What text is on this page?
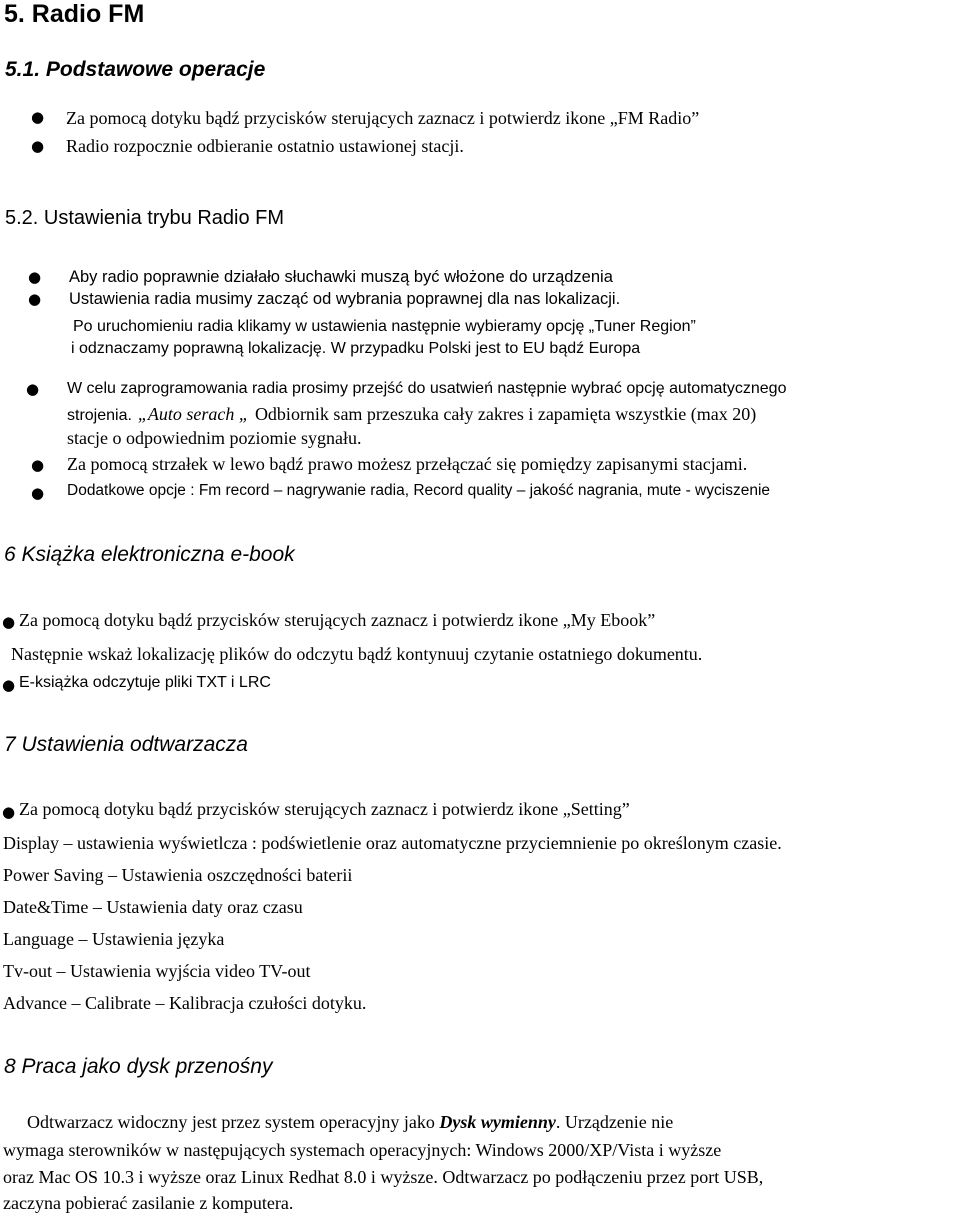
5. Radio FM
5.1. Podstawowe operacje
● Za pomocą dotyku bądź przycisków sterujących zaznacz i potwierdz ikone „FM Radio”
● Radio rozpocznie odbieranie ostatnio ustawionej stacji.
5.2. Ustawienia trybu Radio FM
● Aby radio poprawnie działało słuchawki muszą być włożone do urządzenia
● Ustawienia radia musimy zacząć od wybrania poprawnej dla nas lokalizacji.
Po uruchomieniu radia klikamy w ustawienia następnie wybieramy opcję „Tuner Region”
i odznaczamy poprawną lokalizację. W przypadku Polski jest to EU bądź Europa
● W celu zaprogramowania radia prosimy przejść do usatwień następnie wybrać opcję automatycznego
strojenia. „Auto serach „ Odbiornik sam przeszuka cały zakres i zapamięta wszystkie (max 20)
stacje o odpowiednim poziomie sygnału.
● Za pomocą strzałek w lewo bądź prawo możesz przełączać się pomiędzy zapisanymi stacjami.
● Dodatkowe opcje : Fm record – nagrywanie radia, Record quality – jakość nagrania, mute - wyciszenie
6 Książka elektroniczna e-book
● Za pomocą dotyku bądź przycisków sterujących zaznacz i potwierdz ikone „My Ebook”
Następnie wskaż lokalizację plików do odczytu bądź kontynuuj czytanie ostatniego dokumentu.
● E-książka odczytuje pliki TXT i LRC
7 Ustawienia odtwarzacza
● Za pomocą dotyku bądź przycisków sterujących zaznacz i potwierdz ikone „Setting”
Display – ustawienia wyświetlcza : podświetlenie oraz automatyczne przyciemnienie po określonym czasie.
Power Saving – Ustawienia oszczędności baterii
Date&Time – Ustawienia daty oraz czasu
Language – Ustawienia języka
Tv-out – Ustawienia wyjścia video TV-out
Advance – Calibrate – Kalibracja czułości dotyku.
8 Praca jako dysk przenośny
Odtwarzacz widoczny jest przez system operacyjny jako Dysk wymienny. Urządzenie nie
wymaga sterowników w następujących systemach operacyjnych: Windows 2000/XP/Vista i wyższe
oraz Mac OS 10.3 i wyższe oraz Linux Redhat 8.0 i wyższe. Odtwarzacz po podłączeniu przez port USB,
zaczyna pobierać zasilanie z komputera.
